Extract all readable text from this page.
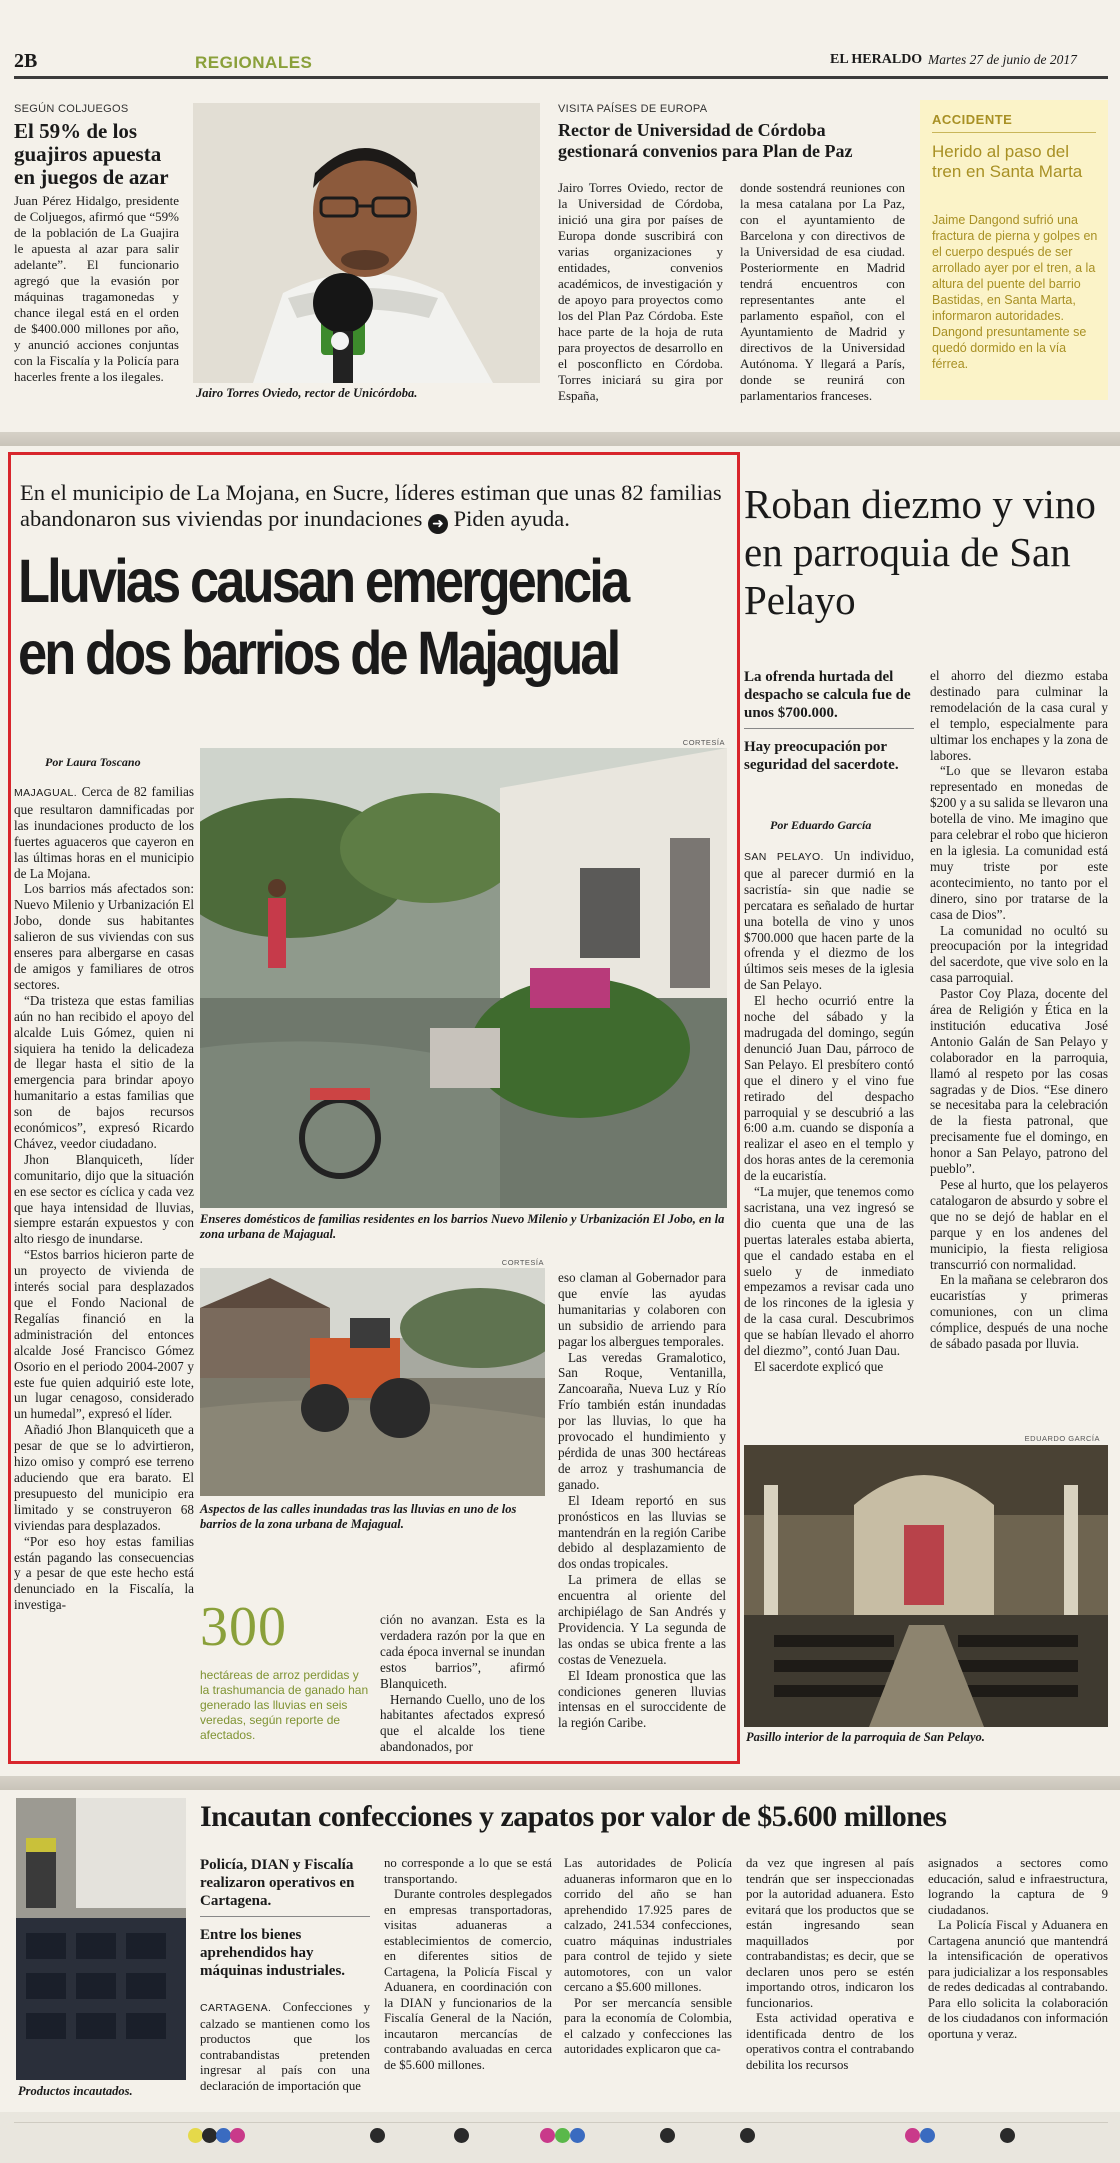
2B	REGIONALES	EL HERALDO Martes 27 de junio de 2017
SEGÚN COLJUEGOS
El 59% de los guajiros apuesta en juegos de azar
Juan Pérez Hidalgo, presidente de Coljuegos, afirmó que “59% de la población de La Guajira le apuesta al azar para salir adelante”. El funcionario agregó que la evasión por máquinas tragamonedas y chance ilegal está en el orden de $400.000 millones por año, y anunció acciones conjuntas con la Fiscalía y la Policía para hacerles frente a los ilegales.
Jairo Torres Oviedo, rector de Unicórdoba.
VISITA PAÍSES DE EUROPA
Rector de Universidad de Córdoba gestionará convenios para Plan de Paz
Jairo Torres Oviedo, rector de la Universidad de Córdoba, inició una gira por países de Europa donde suscribirá con varias organizaciones y entidades, convenios académicos, de investigación y de apoyo para proyectos como los del Plan Paz Córdoba. Este hace parte de la hoja de ruta para proyectos de desarrollo en el posconflicto en Córdoba. Torres iniciará su gira por España,
donde sostendrá reuniones con la mesa catalana por La Paz, con el ayuntamiento de Barcelona y con directivos de la Universidad de esa ciudad. Posteriormente en Madrid tendrá encuentros con representantes ante el parlamento español, con el Ayuntamiento de Madrid y directivos de la Universidad Autónoma. Y llegará a París, donde se reunirá con parlamentarios franceses.
ACCIDENTE
Herido al paso del tren en Santa Marta
Jaime Dangond sufrió una fractura de pierna y golpes en el cuerpo después de ser arrollado ayer por el tren, a la altura del puente del barrio Bastidas, en Santa Marta, informaron autoridades. Dangond presuntamente se quedó dormido en la vía férrea.
En el municipio de La Mojana, en Sucre, líderes estiman que unas 82 familias abandonaron sus viviendas por inundaciones ➜ Piden ayuda.
Lluvias causan emergencia
en dos barrios de Majagual
Por Laura Toscano

MAJAGUAL. Cerca de 82 familias que resultaron damnificadas por las inundaciones producto de los fuertes aguaceros que cayeron en las últimas horas en el municipio de La Mojana.

Los barrios más afectados son: Nuevo Milenio y Urbanización El Jobo, donde sus habitantes salieron de sus viviendas con sus enseres para albergarse en casas de amigos y familiares de otros sectores.

“Da tristeza que estas familias aún no han recibido el apoyo del alcalde Luis Gómez, quien ni siquiera ha tenido la delicadeza de llegar hasta el sitio de la emergencia para brindar apoyo humanitario a estas familias que son de bajos recursos económicos”, expresó Ricardo Chávez, veedor ciudadano.

Jhon Blanquiceth, líder comunitario, dijo que la situación en ese sector es cíclica y cada vez que haya intensidad de lluvias, siempre estarán expuestos y con alto riesgo de inundarse.

“Estos barrios hicieron parte de un proyecto de vivienda de interés social para desplazados que el Fondo Nacional de Regalías financió en la administración del entonces alcalde José Francisco Gómez Osorio en el periodo 2004-2007 y este fue quien adquirió este lote, un lugar cenagoso, considerado un humedal”, expresó el líder.

Añadió Jhon Blanquiceth que a pesar de que se lo advirtieron, hizo omiso y compró ese terreno aduciendo que era barato. El presupuesto del municipio era limitado y se construyeron 68 viviendas para desplazados.

“Por eso hoy estas familias están pagando las consecuencias y a pesar de que este hecho está denunciado en la Fiscalía, la investiga-

CORTESÍA
Enseres domésticos de familias residentes en los barrios Nuevo Milenio y Urbanización El Jobo, en la zona urbana de Majagual.
CORTESÍA
Aspectos de las calles inundadas tras las lluvias en uno de los barrios de la zona urbana de Majagual.
300
hectáreas de arroz perdidas y la trashumancia de ganado han generado las lluvias en seis veredas, según reporte de afectados.

ción no avanzan. Esta es la verdadera razón por la que en cada época invernal se inundan estos barrios”, afirmó Blanquiceth.

Hernando Cuello, uno de los habitantes afectados expresó que el alcalde los tiene abandonados, por

eso claman al Gobernador para que envíe las ayudas humanitarias y colaboren con un subsidio de arriendo para pagar los albergues temporales.

Las veredas Gramalotico, San Roque, Ventanilla, Zancoaraña, Nueva Luz y Río Frío también están inundadas por las lluvias, lo que ha provocado el hundimiento y pérdida de unas 300 hectáreas de arroz y trashumancia de ganado.

El Ideam reportó en sus pronósticos en las lluvias se mantendrán en la región Caribe debido al desplazamiento de dos ondas tropicales.

La primera de ellas se encuentra al oriente del archipiélago de San Andrés y Providencia. Y La segunda de las ondas se ubica frente a las costas de Venezuela.

El Ideam pronostica que las condiciones generen lluvias intensas en el suroccidente de la región Caribe.

Roban diezmo y vino en parroquia de San Pelayo
La ofrenda hurtada del despacho se calcula fue de unos $700.000.
Hay preocupación por seguridad del sacerdote.
Por Eduardo García

SAN PELAYO. Un individuo, que al parecer durmió en la sacristía- sin que nadie se percatara es señalado de hurtar una botella de vino y unos $700.000 que hacen parte de la ofrenda y el diezmo de los últimos seis meses de la iglesia de San Pelayo.

El hecho ocurrió entre la noche del sábado y la madrugada del domingo, según denunció Juan Dau, párroco de San Pelayo. El presbítero contó que el dinero y el vino fue retirado del despacho parroquial y se descubrió a las 6:00 a.m. cuando se disponía a realizar el aseo en el templo y dos horas antes de la ceremonia de la eucaristía.

“La mujer, que tenemos como sacristana, una vez ingresó se dio cuenta que una de las puertas laterales estaba abierta, que el candado estaba en el suelo y de inmediato empezamos a revisar cada uno de los rincones de la iglesia y de la casa cural. Descubrimos que se habían llevado el ahorro del diezmo”, contó Juan Dau.

El sacerdote explicó que

el ahorro del diezmo estaba destinado para culminar la remodelación de la casa cural y el templo, especialmente para ultimar los enchapes y la zona de labores.

“Lo que se llevaron estaba representado en monedas de $200 y a su salida se llevaron una botella de vino. Me imagino que para celebrar el robo que hicieron en la iglesia. La comunidad está muy triste por este acontecimiento, no tanto por el dinero, sino por tratarse de la casa de Dios”.

La comunidad no ocultó su preocupación por la integridad del sacerdote, que vive solo en la casa parroquial.

Pastor Coy Plaza, docente del área de Religión y Ética en la institución educativa José Antonio Galán de San Pelayo y colaborador en la parroquia, llamó al respeto por las cosas sagradas y de Dios. “Ese dinero se necesitaba para la celebración de la fiesta patronal, que precisamente fue el domingo, en honor a San Pelayo, patrono del pueblo”.

Pese al hurto, que los pelayeros catalogaron de absurdo y sobre el que no se dejó de hablar en el parque y en los andenes del municipio, la fiesta religiosa transcurrió con normalidad.

En la mañana se celebraron dos eucaristías y primeras comuniones, con un clima cómplice, después de una noche de sábado pasada por lluvia.

EDUARDO GARCÍA
Pasillo interior de la parroquia de San Pelayo.
Productos incautados.
Incautan confecciones y zapatos por valor de $5.600 millones
Policía, DIAN y Fiscalía realizaron operativos en Cartagena.
Entre los bienes aprehendidos hay máquinas industriales.

CARTAGENA. Confecciones y calzado se mantienen como los productos que los contrabandistas pretenden ingresar al país con una declaración de importación que

no corresponde a lo que se está transportando.

Durante controles desplegados en empresas transportadoras, visitas aduaneras a establecimientos de comercio, en diferentes sitios de Cartagena, la Policía Fiscal y Aduanera, en coordinación con la DIAN y funcionarios de la Fiscalía General de la Nación, incautaron mercancías de contrabando avaluadas en cerca de $5.600 millones.

Las autoridades de Policía aduaneras informaron que en lo corrido del año se han aprehendido 17.925 pares de calzado, 241.534 confecciones, cuatro máquinas industriales para control de tejido y siete automotores, con un valor cercano a $5.600 millones.

Por ser mercancía sensible para la economía de Colombia, el calzado y confecciones las autoridades explicaron que ca-

da vez que ingresen al país tendrán que ser inspeccionadas por la autoridad aduanera. Esto evitará que los productos que se están ingresando sean maquillados por contrabandistas; es decir, que se declaren unos pero se estén importando otros, indicaron los funcionarios.

Esta actividad operativa e identificada dentro de los operativos contra el contrabando debilita los recursos

asignados a sectores como educación, salud e infraestructura, logrando la captura de 9 ciudadanos.

La Policía Fiscal y Aduanera en Cartagena anunció que mantendrá la intensificación de operativos para judicializar a los responsables de redes dedicadas al contrabando. Para ello solicita la colaboración de los ciudadanos con información oportuna y veraz.
